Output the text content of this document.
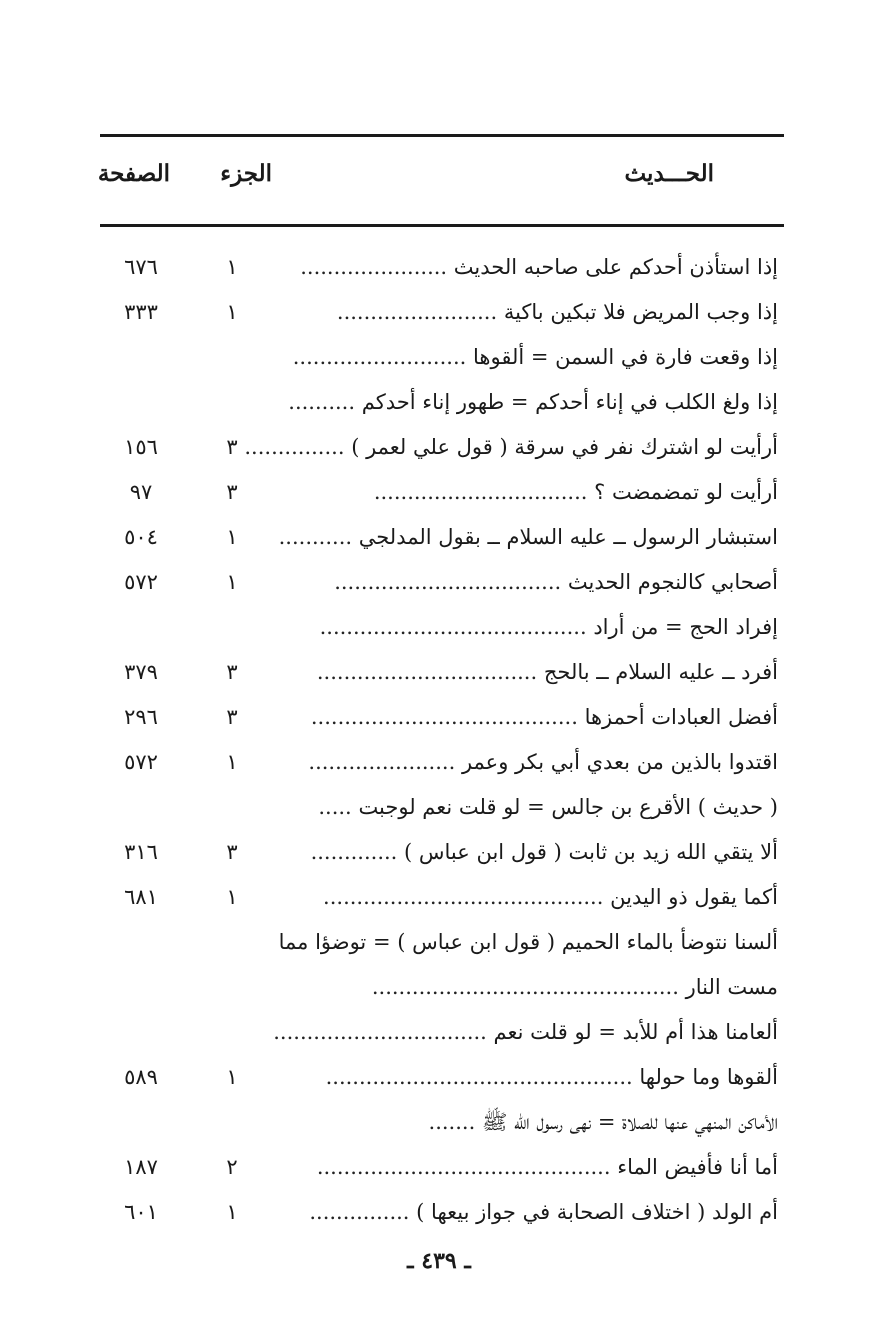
الحـــديث
الجزء
الصفحة
إذا استأذن أحدكم على صاحبه الحديث ......................
١
٦٧٦
إذا وجب المريض فلا تبكين باكية ........................
١
٣٣٣
إذا وقعت فارة في السمن = ألقوها ..........................
إذا ولغ الكلب في إناء أحدكم = طهور إناء أحدكم ..........
أرأيت لو اشترك نفر في سرقة ( قول علي لعمر ) ...............
٣
١٥٦
أرأيت لو تمضمضت ؟ ................................
٣
٩٧
استبشار الرسول ــ عليه السلام ــ بقول المدلجي ...........
١
٥٠٤
أصحابي كالنجوم الحديث ..................................
١
٥٧٢
إفراد الحج = من أراد ........................................
أفرد ــ عليه السلام ــ بالحج .................................
٣
٣٧٩
أفضل العبادات أحمزها ........................................
٣
٢٩٦
اقتدوا بالذين من بعدي أبي بكر وعمر ......................
١
٥٧٢
( حديث ) الأقرع بن جالس = لو قلت نعم لوجبت .....
ألا يتقي الله زيد بن ثابت ( قول ابن عباس ) .............
٣
٣١٦
أكما يقول ذو اليدين ..........................................
١
٦٨١
ألسنا نتوضأ بالماء الحميم ( قول ابن عباس ) = توضؤا مما
مست النار ..............................................
ألعامنا هذا أم للأبد = لو قلت نعم ................................
ألقوها وما حولها ..............................................
١
٥٨٩
الأماكن المنهي عنها للصلاة = نهى رسول الله ﷺ .......
أما أنا فأفيض الماء ............................................
٢
١٨٧
أم الولد ( اختلاف الصحابة في جواز بيعها ) ...............
١
٦٠١
ـ ٤٣٩ ـ
